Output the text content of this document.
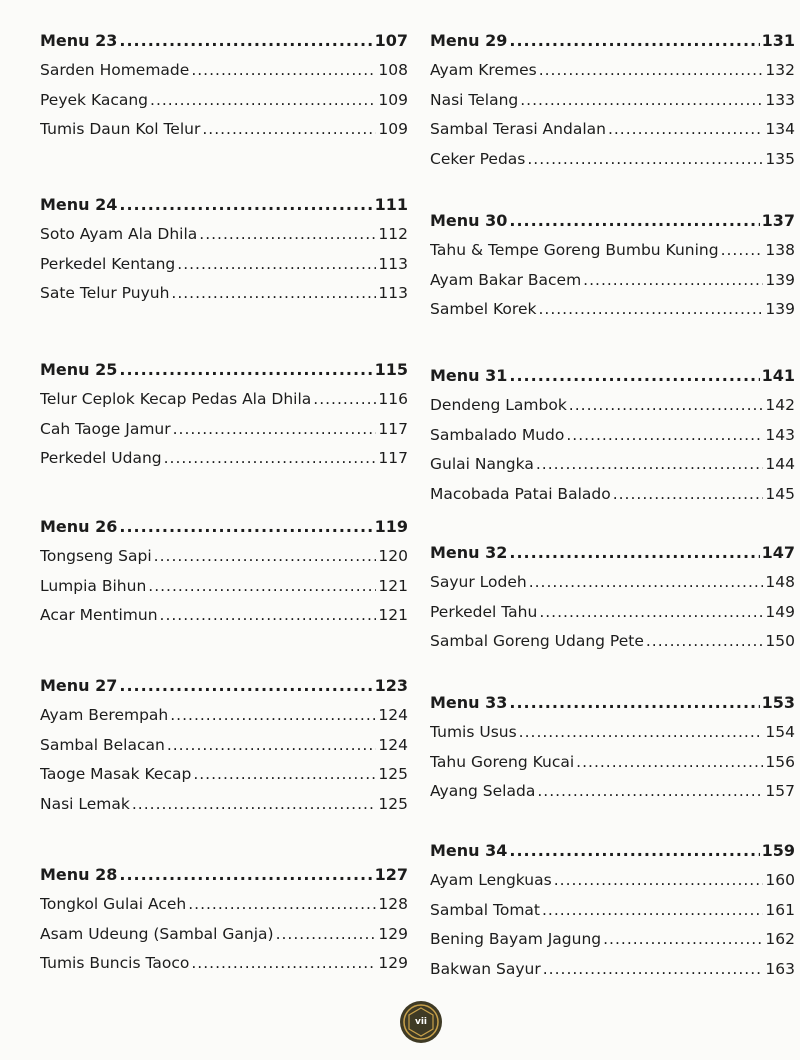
Menu 23 .....	107
Sarden Homemade .....	108
Peyek Kacang .....	109
Tumis Daun Kol Telur .....	109
Menu 24 .....	111
Soto Ayam Ala Dhila .....	112
Perkedel Kentang .....	113
Sate Telur Puyuh .....	113
Menu 25 .....	115
Telur Ceplok Kecap Pedas Ala Dhila .....	116
Cah Taoge Jamur .....	117
Perkedel Udang .....	117
Menu 26 .....	119
Tongseng Sapi .....	120
Lumpia Bihun .....	121
Acar Mentimun .....	121
Menu 27 .....	123
Ayam Berempah .....	124
Sambal Belacan .....	124
Taoge Masak Kecap .....	125
Nasi Lemak .....	125
Menu 28 .....	127
Tongkol Gulai Aceh .....	128
Asam Udeung (Sambal Ganja) .....	129
Tumis Buncis Taoco .....	129
Menu 29 .....	131
Ayam Kremes .....	132
Nasi Telang .....	133
Sambal Terasi Andalan .....	134
Ceker Pedas .....	135
Menu 30 .....	137
Tahu & Tempe Goreng Bumbu Kuning .....	138
Ayam Bakar Bacem .....	139
Sambel Korek .....	139
Menu 31 .....	141
Dendeng Lambok .....	142
Sambalado Mudo .....	143
Gulai Nangka .....	144
Macobada Patai Balado .....	145
Menu 32 .....	147
Sayur Lodeh .....	148
Perkedel Tahu .....	149
Sambal Goreng Udang Pete .....	150
Menu 33 .....	153
Tumis Usus .....	154
Tahu Goreng Kucai .....	156
Ayang Selada .....	157
Menu 34 .....	159
Ayam Lengkuas .....	160
Sambal Tomat .....	161
Bening Bayam Jagung .....	162
Bakwan Sayur .....	163
vii
